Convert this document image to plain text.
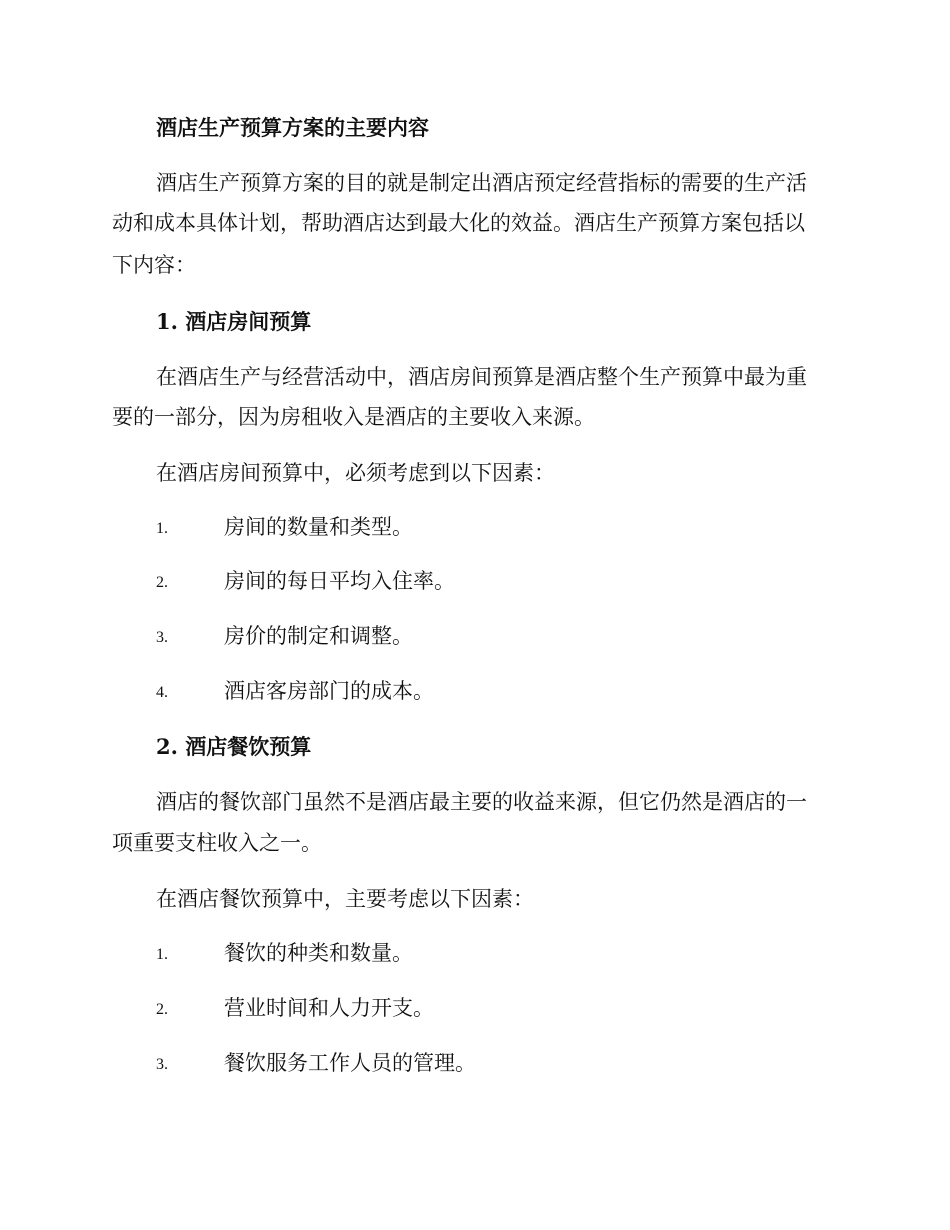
酒店生产预算方案的主要内容
酒店生产预算方案的目的就是制定出酒店预定经营指标的需要的生产活
动和成本具体计划，帮助酒店达到最大化的效益。酒店生产预算方案包括以
下内容：
1. 酒店房间预算
在酒店生产与经营活动中，酒店房间预算是酒店整个生产预算中最为重
要的一部分，因为房租收入是酒店的主要收入来源。
在酒店房间预算中，必须考虑到以下因素：
1.	房间的数量和类型。
2.	房间的每日平均入住率。
3.	房价的制定和调整。
4.	酒店客房部门的成本。
2. 酒店餐饮预算
酒店的餐饮部门虽然不是酒店最主要的收益来源，但它仍然是酒店的一
项重要支柱收入之一。
在酒店餐饮预算中，主要考虑以下因素：
1.	餐饮的种类和数量。
2.	营业时间和人力开支。
3.	餐饮服务工作人员的管理。
